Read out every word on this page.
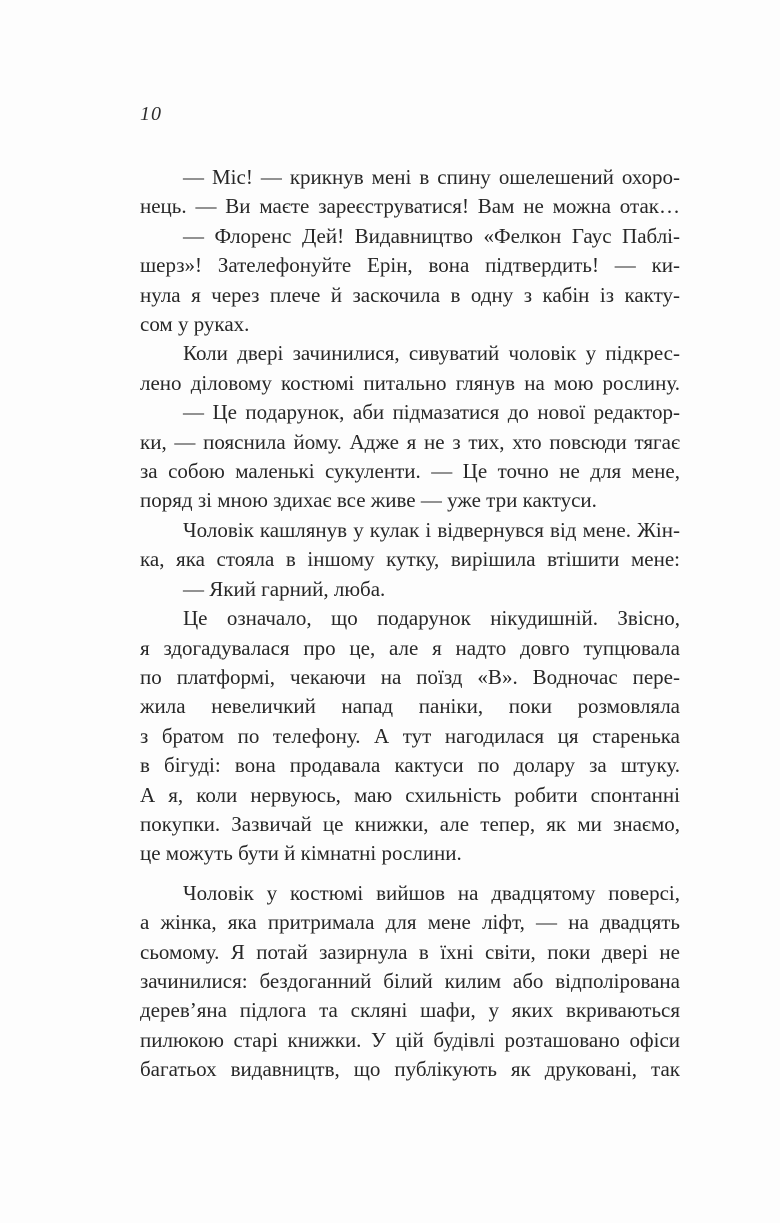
10
— Міс! — крикнув мені в спину ошелешений охоро-
нець. — Ви маєте зареєструватися! Вам не можна отак…
— Флоренс Дей! Видавництво «Фелкон Гаус Паблі-
шерз»! Зателефонуйте Ерін, вона підтвердить! — ки-
нула я через плече й заскочила в одну з кабін із какту-
сом у руках.
Коли двері зачинилися, сивуватий чоловік у підкрес-
лено діловому костюмі питально глянув на мою рослину.
— Це подарунок, аби підмазатися до нової редактор-
ки, — пояснила йому. Адже я не з тих, хто повсюди тягає
за собою маленькі сукуленти. — Це точно не для мене,
поряд зі мною здихає все живе — уже три кактуси.
Чоловік кашлянув у кулак і відвернувся від мене. Жін-
ка, яка стояла в іншому кутку, вирішила втішити мене:
— Який гарний, люба.
Це означало, що подарунок нікудишній. Звісно,
я здогадувалася про це, але я надто довго тупцювала
по платформі, чекаючи на поїзд «В». Водночас пере-
жила невеличкий напад паніки, поки розмовляла
з братом по телефону. А тут нагодилася ця старенька
в бігуді: вона продавала кактуси по долару за штуку.
А я, коли нервуюсь, маю схильність робити спонтанні
покупки. Зазвичай це книжки, але тепер, як ми знаємо,
це можуть бути й кімнатні рослини.
Чоловік у костюмі вийшов на двадцятому поверсі,
а жінка, яка притримала для мене ліфт, — на двадцять
сьомому. Я потай зазирнула в їхні світи, поки двері не
зачинилися: бездоганний білий килим або відполірована
дерев’яна підлога та скляні шафи, у яких вкриваються
пилюкою старі книжки. У цій будівлі розташовано офіси
багатьох видавництв, що публікують як друковані, так
